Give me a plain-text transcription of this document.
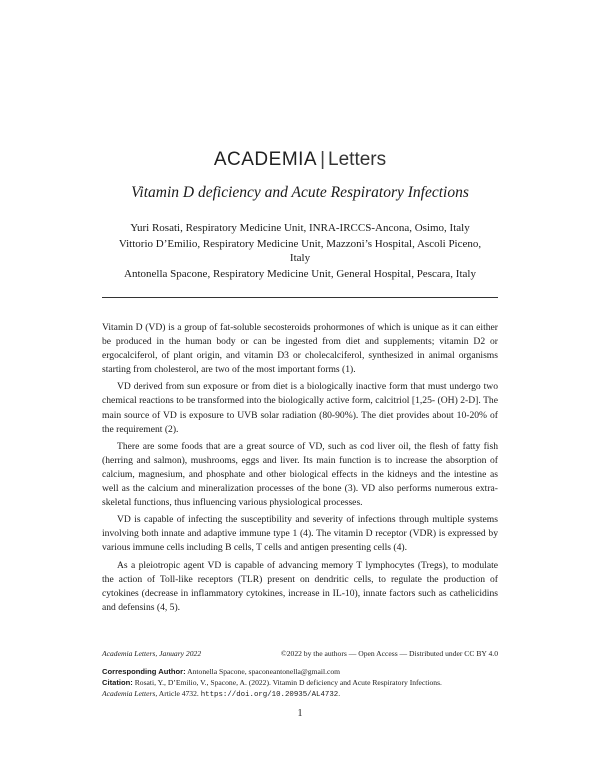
ACADEMIA | Letters
Vitamin D deficiency and Acute Respiratory Infections
Yuri Rosati, Respiratory Medicine Unit, INRA-IRCCS-Ancona, Osimo, Italy
Vittorio D’Emilio, Respiratory Medicine Unit, Mazzoni’s Hospital, Ascoli Piceno,
Italy
Antonella Spacone, Respiratory Medicine Unit, General Hospital, Pescara, Italy

Vitamin D (VD) is a group of fat-soluble secosteroids prohormones of which is unique as it can either be produced in the human body or can be ingested from diet and supplements; vitamin D2 or ergocalciferol, of plant origin, and vitamin D3 or cholecalciferol, synthesized in animal organisms starting from cholesterol, are two of the most important forms (1).

VD derived from sun exposure or from diet is a biologically inactive form that must undergo two chemical reactions to be transformed into the biologically active form, calcitriol [1,25- (OH) 2-D]. The main source of VD is exposure to UVB solar radiation (80-90%). The diet provides about 10-20% of the requirement (2).

There are some foods that are a great source of VD, such as cod liver oil, the flesh of fatty fish (herring and salmon), mushrooms, eggs and liver. Its main function is to increase the absorption of calcium, magnesium, and phosphate and other biological effects in the kidneys and the intestine as well as the calcium and mineralization processes of the bone (3). VD also performs numerous extra-skeletal functions, thus influencing various physiological processes.

VD is capable of infecting the susceptibility and severity of infections through multiple systems involving both innate and adaptive immune type 1 (4). The vitamin D receptor (VDR) is expressed by various immune cells including B cells, T cells and antigen presenting cells (4).

As a pleiotropic agent VD is capable of advancing memory T lymphocytes (Tregs), to modulate the action of Toll-like receptors (TLR) present on dendritic cells, to regulate the production of cytokines (decrease in inflammatory cytokines, increase in IL-10), innate factors such as cathelicidins and defensins (4, 5).

Academia Letters, January 2022	©2022 by the authors — Open Access — Distributed under CC BY 4.0
Corresponding Author: Antonella Spacone, spaconeantonella@gmail.com
Citation: Rosati, Y., D’Emilio, V., Spacone, A. (2022). Vitamin D deficiency and Acute Respiratory Infections.
Academia Letters, Article 4732. https://doi.org/10.20935/AL4732.
1
